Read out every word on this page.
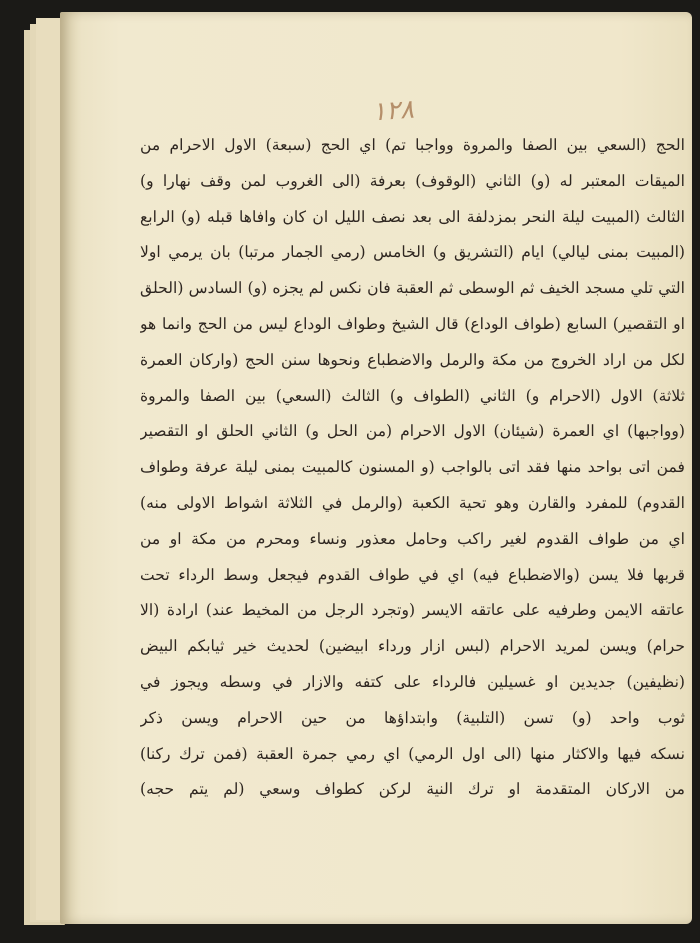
١٢٨
الحج (السعي بين الصفا والمروة وواجبا تم) اي الحج (سبعة) الاول الاحرام من
الميقات المعتبر له (و) الثاني (الوقوف) بعرفة (الى الغروب لمن وقف نهارا و)
الثالث (المبيت ليلة النحر بمزدلفة الى بعد نصف الليل ان كان وافاها قبله (و) الرابع
(المبيت بمنى ليالي) ايام (التشريق و) الخامس (رمي الجمار مرتبا) بان يرمي اولا
التي تلي مسجد الخيف ثم الوسطى ثم العقبة فان نكس لم يجزه (و) السادس (الحلق
او التقصير) السابع (طواف الوداع) قال الشيخ وطواف الوداع ليس من الحج وانما هو
لكل من اراد الخروج من مكة والرمل والاضطباع ونحوها سنن الحج (واركان العمرة
ثلاثة) الاول (الاحرام و) الثاني (الطواف و) الثالث (السعي) بين الصفا والمروة
(وواجبها) اي العمرة (شيئان) الاول الاحرام (من الحل و) الثاني الحلق او التقصير
فمن اتى بواحد منها فقد اتى بالواجب (و المسنون كالمبيت بمنى ليلة عرفة وطواف
القدوم) للمفرد والقارن وهو تحية الكعبة (والرمل في الثلاثة اشواط الاولى منه)
اي من طواف القدوم لغير راكب وحامل معذور ونساء ومحرم من مكة او من
قربها فلا يسن (والاضطباع فيه) اي في طواف القدوم فيجعل وسط الرداء تحت
عاتقه الايمن وطرفيه على عاتقه الايسر (وتجرد الرجل من المخيط عند) ارادة (الا
حرام) ويسن لمريد الاحرام (لبس ازار ورداء ابيضين) لحديث خير ثيابكم البيض
(نظيفين) جديدين او غسيلين فالرداء على كتفه والازار في وسطه ويجوز في
ثوب واحد (و) تسن (التلبية) وابتداؤها من حين الاحرام ويسن ذكر
نسكه فيها والاكثار منها (الى اول الرمي) اي رمي جمرة العقبة (فمن ترك ركنا)
من الاركان المتقدمة او ترك النية لركن كطواف وسعي (لم يتم حجه)
